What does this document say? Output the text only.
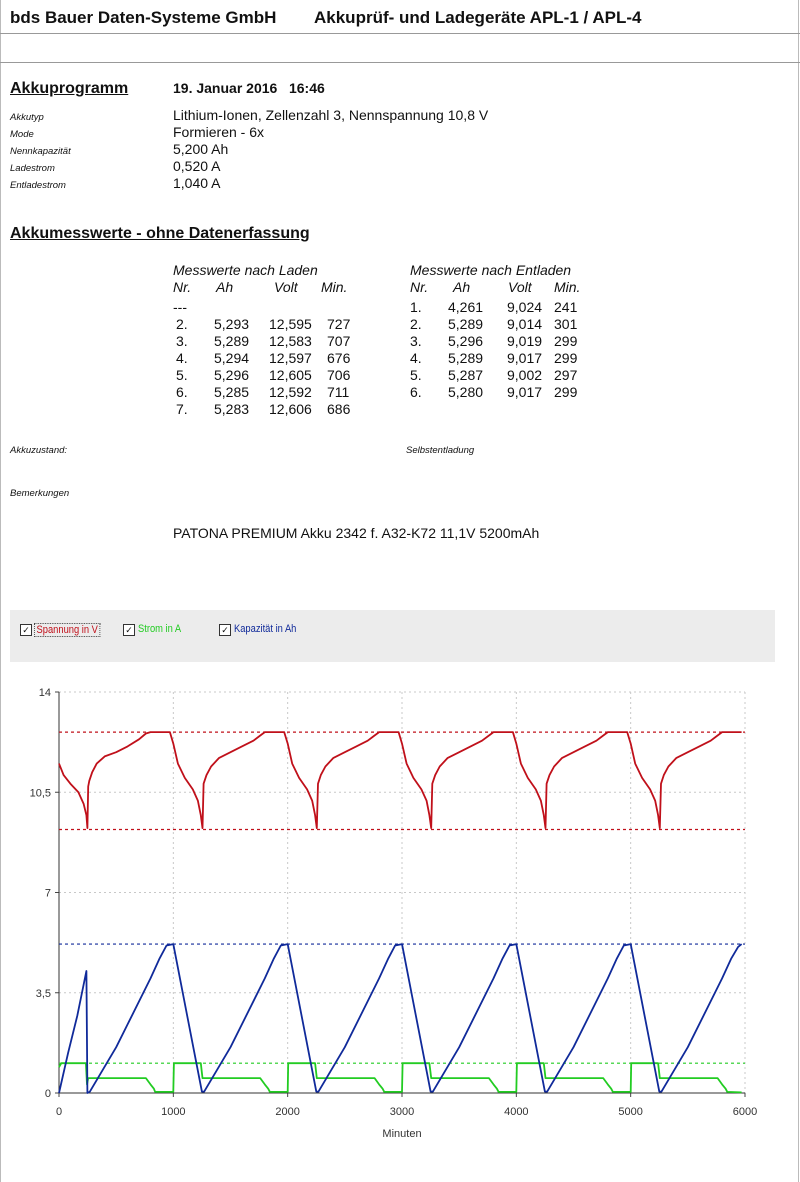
bds Bauer Daten-Systeme GmbH Akkuprüf- und Ladegeräte APL-1 / APL-4
Akkuprogramm	19. Januar 2016 16:46
Akkutyp	Lithium-Ionen, Zellenzahl 3, Nennspannung 10,8 V
Mode	Formieren - 6x
Nennkapazität	5,200 Ah
Ladestrom	0,520 A
Entladestrom	1,040 A
Akkumesswerte - ohne Datenerfassung
Messwerte nach Laden	Messwerte nach Entladen
Nr. Ah	Volt Min.
---
2. 5,293 12,595 727
3. 5,289 12,583 707
4. 5,294 12,597 676
5. 5,296 12,605 706
6. 5,285 12,592 711
7. 5,283 12,606 686
Nr. Ah	Volt Min.
1. 4,261 9,024 241
2. 5,289 9,014 301
3. 5,296 9,019 299
4. 5,289 9,017 299
5. 5,287 9,002 297
6. 5,280 9,017 299
Akkuzustand:	Selbstentladung
Bemerkungen
PATONA PREMIUM Akku 2342 f. A32-K72 11,1V 5200mAh
✓ Spannung in V	✓ Strom in A	✓ Kapazität in Ah
0	1000	2000	3000	4000	5000	6000
0
3,5
7
10,5
14
Minuten
